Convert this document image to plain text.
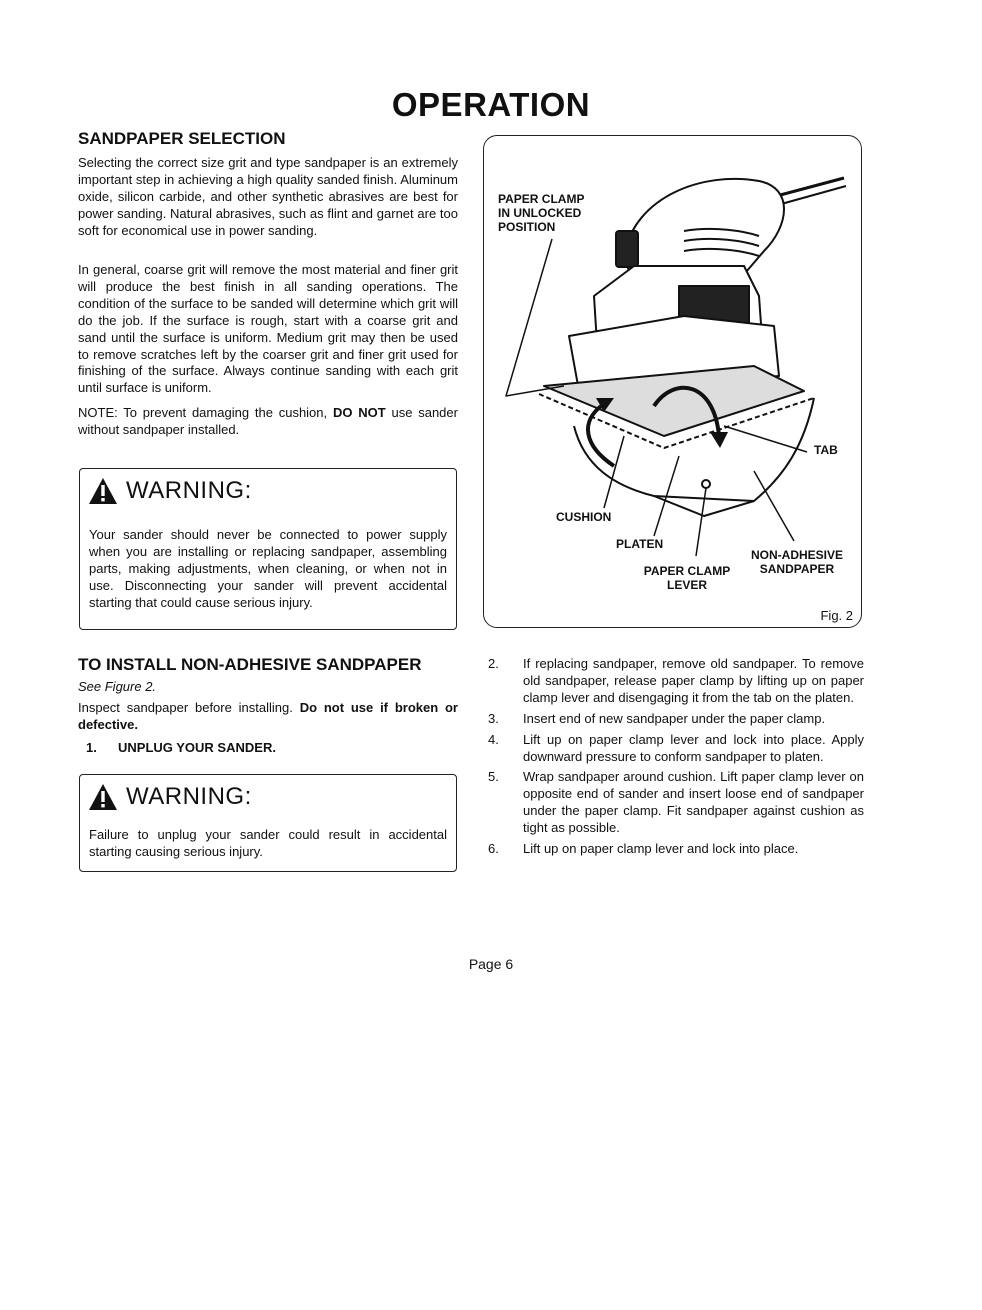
OPERATION
SANDPAPER SELECTION

Selecting the correct size grit and type sandpaper is an extremely important step in achieving a high quality sanded finish. Aluminum oxide, silicon carbide, and other synthetic abrasives are best for power sanding. Natural abrasives, such as flint and garnet are too soft for economical use in power sanding.

In general, coarse grit will remove the most material and finer grit will produce the best finish in all sanding operations. The condition of the surface to be sanded will determine which grit will do the job. If the surface is rough, start with a coarse grit and sand until the surface is uniform. Medium grit may then be used to remove scratches left by the coarser grit and finer grit used for finishing of the surface. Always continue sanding with each grit until surface is uniform.

NOTE: To prevent damaging the cushion, DO NOT use sander without sandpaper installed.

WARNING:

Your sander should never be connected to power supply when you are installing or replacing sandpaper, assembling parts, making adjustments, when cleaning, or when not in use. Disconnecting your sander will prevent accidental starting that could cause serious injury.

TO INSTALL NON-ADHESIVE SANDPAPER

See Figure 2.

Inspect sandpaper before installing. Do not use if broken or defective.

1. UNPLUG YOUR SANDER.

WARNING:

Failure to unplug your sander could result in accidental starting causing serious injury.

PAPER CLAMP IN UNLOCKED POSITION
TAB
CUSHION
PLATEN
NON-ADHESIVE SANDPAPER
PAPER CLAMP LEVER
Fig. 2
2.	If replacing sandpaper, remove old sandpaper. To remove old sandpaper, release paper clamp by lifting up on paper clamp lever and disengaging it from the tab on the platen.
3.	Insert end of new sandpaper under the paper clamp.
4.	Lift up on paper clamp lever and lock into place. Apply downward pressure to conform sandpaper to platen.
5.	Wrap sandpaper around cushion. Lift paper clamp lever on opposite end of sander and insert loose end of sandpaper under the paper clamp. Fit sandpaper against cushion as tight as possible.
6.	Lift up on paper clamp lever and lock into place.
Page 6
